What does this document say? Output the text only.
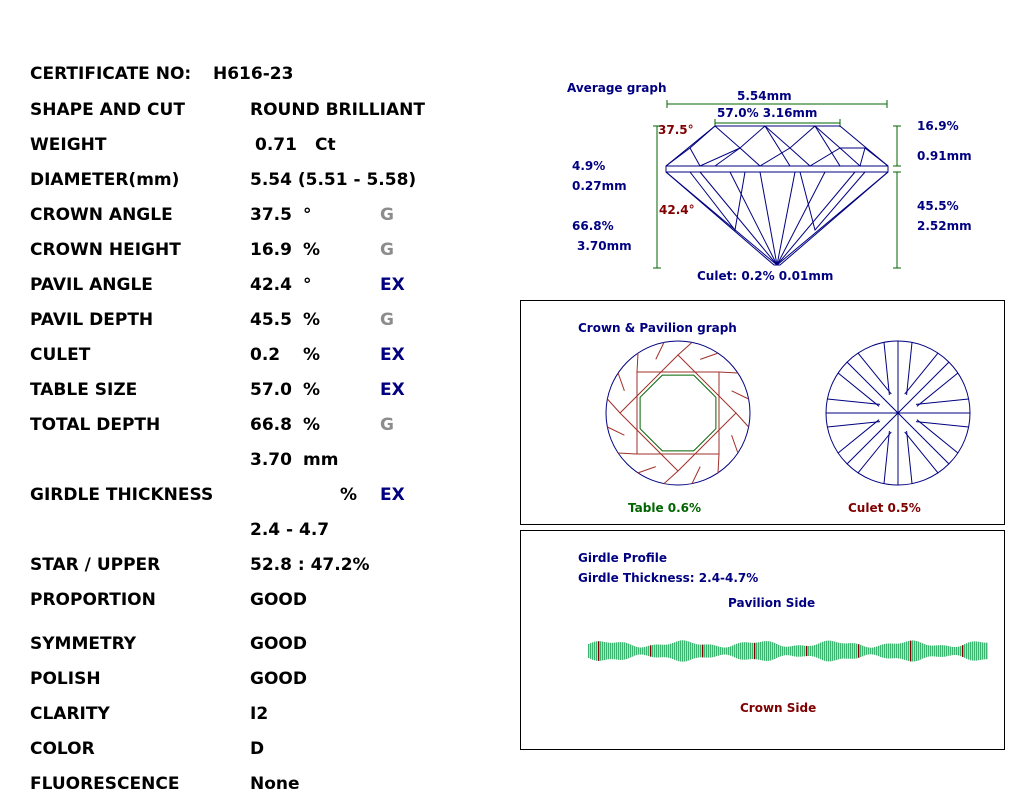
CERTIFICATE NO: H616-23
SHAPE AND CUT	ROUND BRILLIANT
WEIGHT	0.71 Ct
DIAMETER(mm)	5.54 (5.51 - 5.58)
CROWN ANGLE	37.5 °	G
CROWN HEIGHT	16.9 %	G
PAVIL ANGLE	42.4 °	EX
PAVIL DEPTH	45.5 %	G
CULET	0.2 %	EX
TABLE SIZE	57.0 %	EX
TOTAL DEPTH	66.8 %	G
3.70 mm
GIRDLE THICKNESS	% EX
2.4 - 4.7
STAR / UPPER	52.8 : 47.2%
PROPORTION	GOOD
SYMMETRY	GOOD
POLISH	GOOD
CLARITY	I2
COLOR	D
FLUORESCENCE	None
Average graph
5.54mm
57.0% 3.16mm
37.5°
42.4°
16.9%
0.91mm
4.9%
0.27mm
45.5%
2.52mm
66.8%
3.70mm
Culet: 0.2% 0.01mm
Crown & Pavilion graph
Table 0.6%	Culet 0.5%
Girdle Profile
Girdle Thickness: 2.4-4.7%
Pavilion Side
Crown Side
